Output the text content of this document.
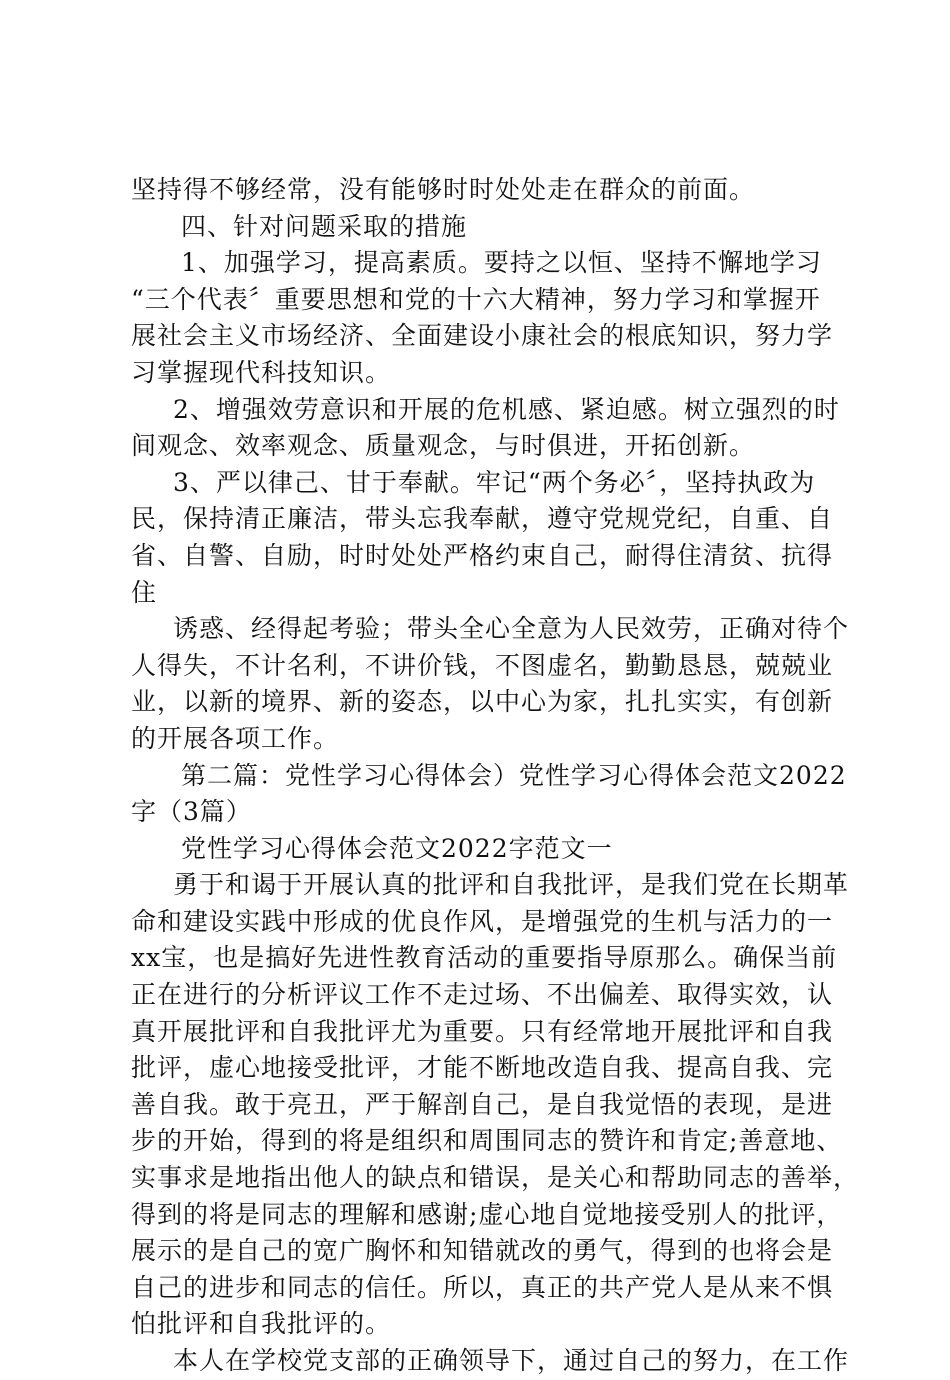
坚持得不够经常，没有能够时时处处走在群众的前面。

四、针对问题采取的措施

1、加强学习，提高素质。要持之以恒、坚持不懈地学习

“三个代表〞重要思想和党的十六大精神，努力学习和掌握开

展社会主义市场经济、全面建设小康社会的根底知识，努力学

习掌握现代科技知识。

2、增强效劳意识和开展的危机感、紧迫感。树立强烈的时

间观念、效率观念、质量观念，与时俱进，开拓创新。

3、严以律己、甘于奉献。牢记“两个务必〞，坚持执政为

民，保持清正廉洁，带头忘我奉献，遵守党规党纪，自重、自

省、自警、自励，时时处处严格约束自己，耐得住清贫、抗得

住

诱惑、经得起考验；带头全心全意为人民效劳，正确对待个

人得失，不计名利，不讲价钱，不图虚名，勤勤恳恳，兢兢业

业，以新的境界、新的姿态，以中心为家，扎扎实实，有创新

的开展各项工作。

第二篇：党性学习心得体会）党性学习心得体会范文2022

字（3篇）

党性学习心得体会范文2022字范文一

勇于和谒于开展认真的批评和自我批评，是我们党在长期革

命和建设实践中形成的优良作风，是增强党的生机与活力的一

xx宝，也是搞好先进性教育活动的重要指导原那么。确保当前

正在进行的分析评议工作不走过场、不出偏差、取得实效，认

真开展批评和自我批评尤为重要。只有经常地开展批评和自我

批评，虚心地接受批评，才能不断地改造自我、提高自我、完

善自我。敢于亮丑，严于解剖自己，是自我觉悟的表现，是进

步的开始，得到的将是组织和周围同志的赞许和肯定;善意地、

实事求是地指出他人的缺点和错误，是关心和帮助同志的善举，

得到的将是同志的理解和感谢;虚心地自觉地接受别人的批评，

展示的是自己的宽广胸怀和知错就改的勇气，得到的也将会是

自己的进步和同志的信任。所以，真正的共产党人是从来不惧

怕批评和自我批评的。

本人在学校党支部的正确领导下，通过自己的努力，在工作
